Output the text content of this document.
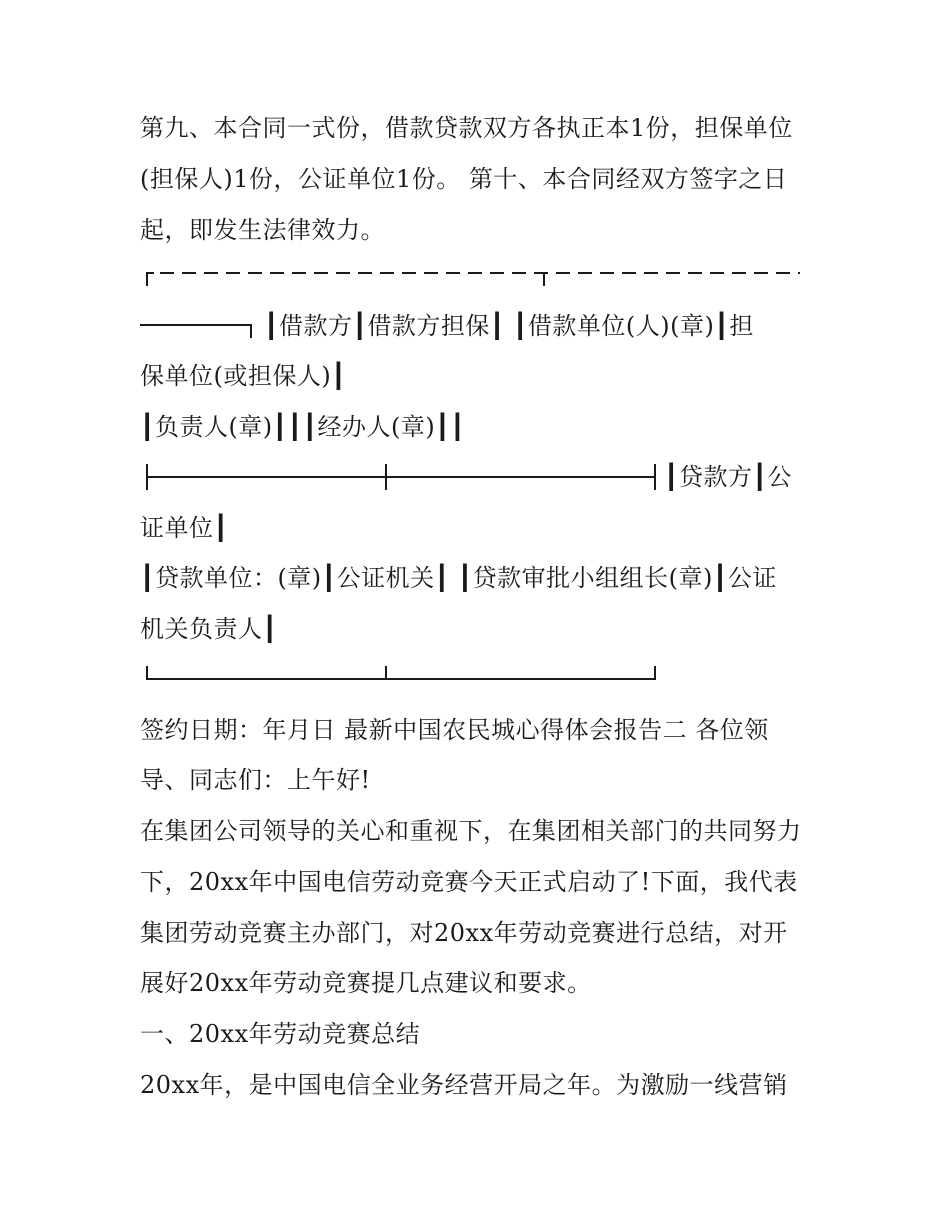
第九、本合同一式份，借款贷款双方各执正本1份，担保单位
(担保人)1份，公证单位1份。 第十、本合同经双方签字之日
起，即发生法律效力。
┃借款方┃借款方担保┃ ┃借款单位(人)(章)┃担
保单位(或担保人)┃
┃负责人(章)┃┃┃经办人(章)┃┃
┃贷款方┃公
证单位┃
┃贷款单位：(章)┃公证机关┃ ┃贷款审批小组组长(章)┃公证
机关负责人┃
签约日期：年月日 最新中国农民城心得体会报告二 各位领
导、同志们：上午好!
在集团公司领导的关心和重视下，在集团相关部门的共同努力
下，20xx年中国电信劳动竞赛今天正式启动了!下面，我代表
集团劳动竞赛主办部门，对20xx年劳动竞赛进行总结，对开
展好20xx年劳动竞赛提几点建议和要求。
一、20xx年劳动竞赛总结
20xx年，是中国电信全业务经营开局之年。为激励一线营销
